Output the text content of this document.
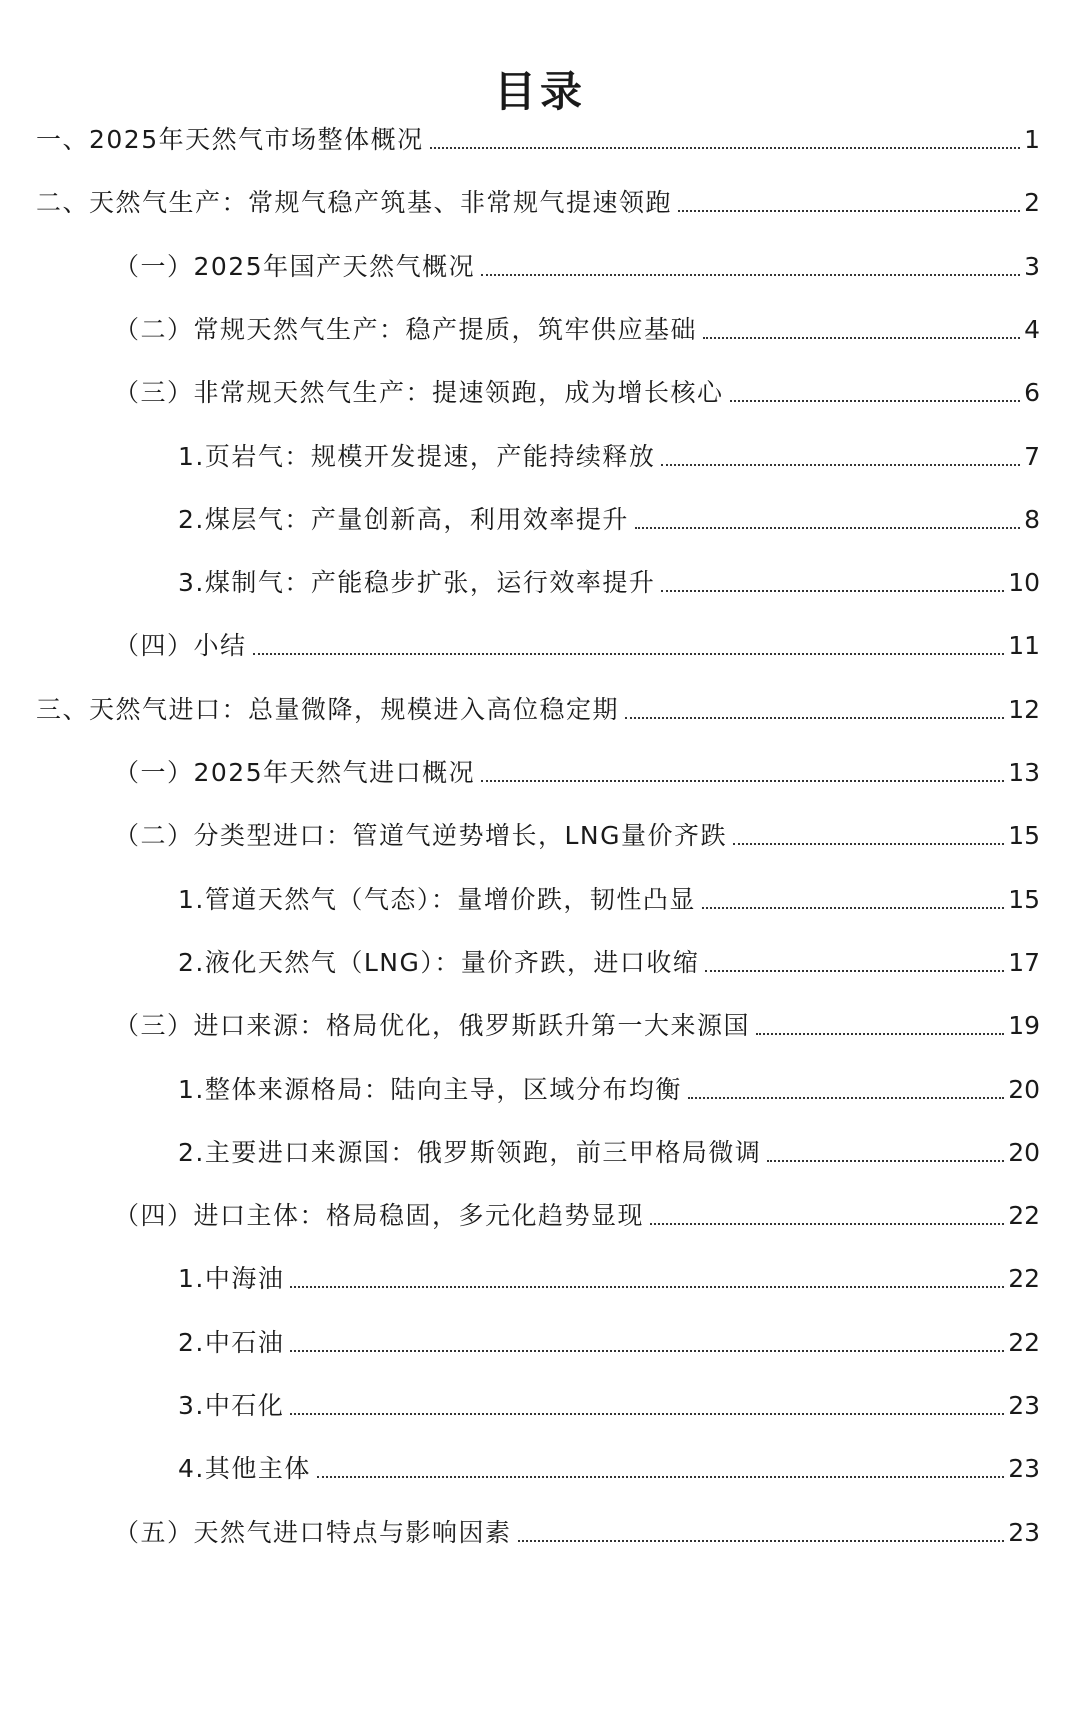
目录
一、2025年天然气市场整体概况	1
二、天然气生产：常规气稳产筑基、非常规气提速领跑	2
（一）2025年国产天然气概况	3
（二）常规天然气生产：稳产提质，筑牢供应基础	4
（三）非常规天然气生产：提速领跑，成为增长核心	6
1.页岩气：规模开发提速，产能持续释放	7
2.煤层气：产量创新高，利用效率提升	8
3.煤制气：产能稳步扩张，运行效率提升	10
（四）小结	11
三、天然气进口：总量微降，规模进入高位稳定期	12
（一）2025年天然气进口概况	13
（二）分类型进口：管道气逆势增长，LNG量价齐跌	15
1.管道天然气（气态）：量增价跌，韧性凸显	15
2.液化天然气（LNG）：量价齐跌，进口收缩	17
（三）进口来源：格局优化，俄罗斯跃升第一大来源国	19
1.整体来源格局：陆向主导，区域分布均衡	20
2.主要进口来源国：俄罗斯领跑，前三甲格局微调	20
（四）进口主体：格局稳固，多元化趋势显现	22
1.中海油	22
2.中石油	22
3.中石化	23
4.其他主体	23
（五）天然气进口特点与影响因素	23
